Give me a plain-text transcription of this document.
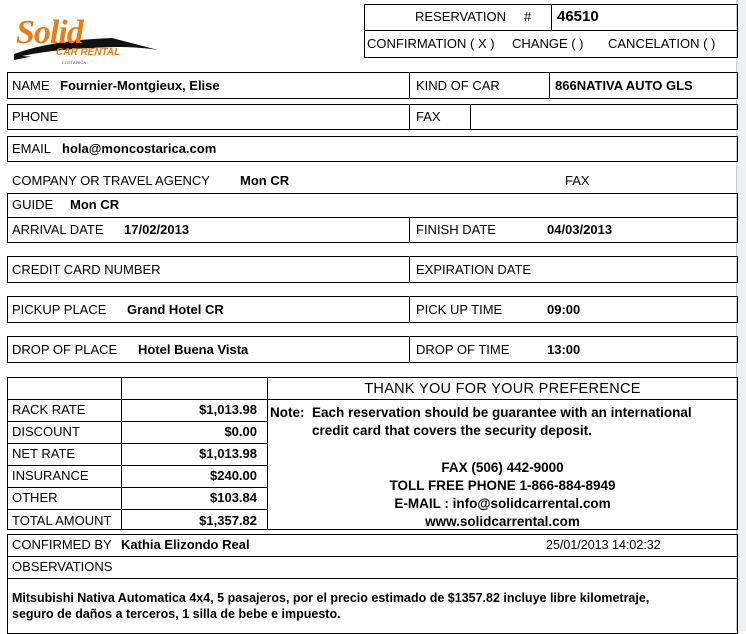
Solid
CAR RENTAL
COSTA RICA
RESERVATION # 46510
CONFIRMATION ( X ) CHANGE ( ) CANCELATION ( )
NAME Fournier-Montgieux, Elise	KIND OF CAR	866NATIVA AUTO GLS
PHONE	FAX
EMAIL hola@moncostarica.com
COMPANY OR TRAVEL AGENCY Mon CR	FAX
GUIDE Mon CR
ARRIVAL DATE 17/02/2013	FINISH DATE	04/03/2013
CREDIT CARD NUMBER	EXPIRATION DATE
PICKUP PLACE Grand Hotel CR	PICK UP TIME	09:00
DROP OF PLACE Hotel Buena Vista	DROP OF TIME	13:00
RACK RATE	$1,013.98
DISCOUNT	$0.00
NET RATE	$1,013.98
INSURANCE	$240.00
OTHER	$103.84
TOTAL AMOUNT	$1,357.82
THANK YOU FOR YOUR PREFERENCE
Note: Each reservation should be guarantee with an international
credit card that covers the security deposit.
FAX (506) 442-9000
TOLL FREE PHONE 1-866-884-8949
E-MAIL : info@solidcarrental.com
www.solidcarrental.com
CONFIRMED BY Kathia Elizondo Real	25/01/2013 14:02:32
OBSERVATIONS
Mitsubishi Nativa Automatica 4x4, 5 pasajeros, por el precio estimado de $1357.82 incluye libre kilometraje,
seguro de daños a terceros, 1 silla de bebe e impuesto.
